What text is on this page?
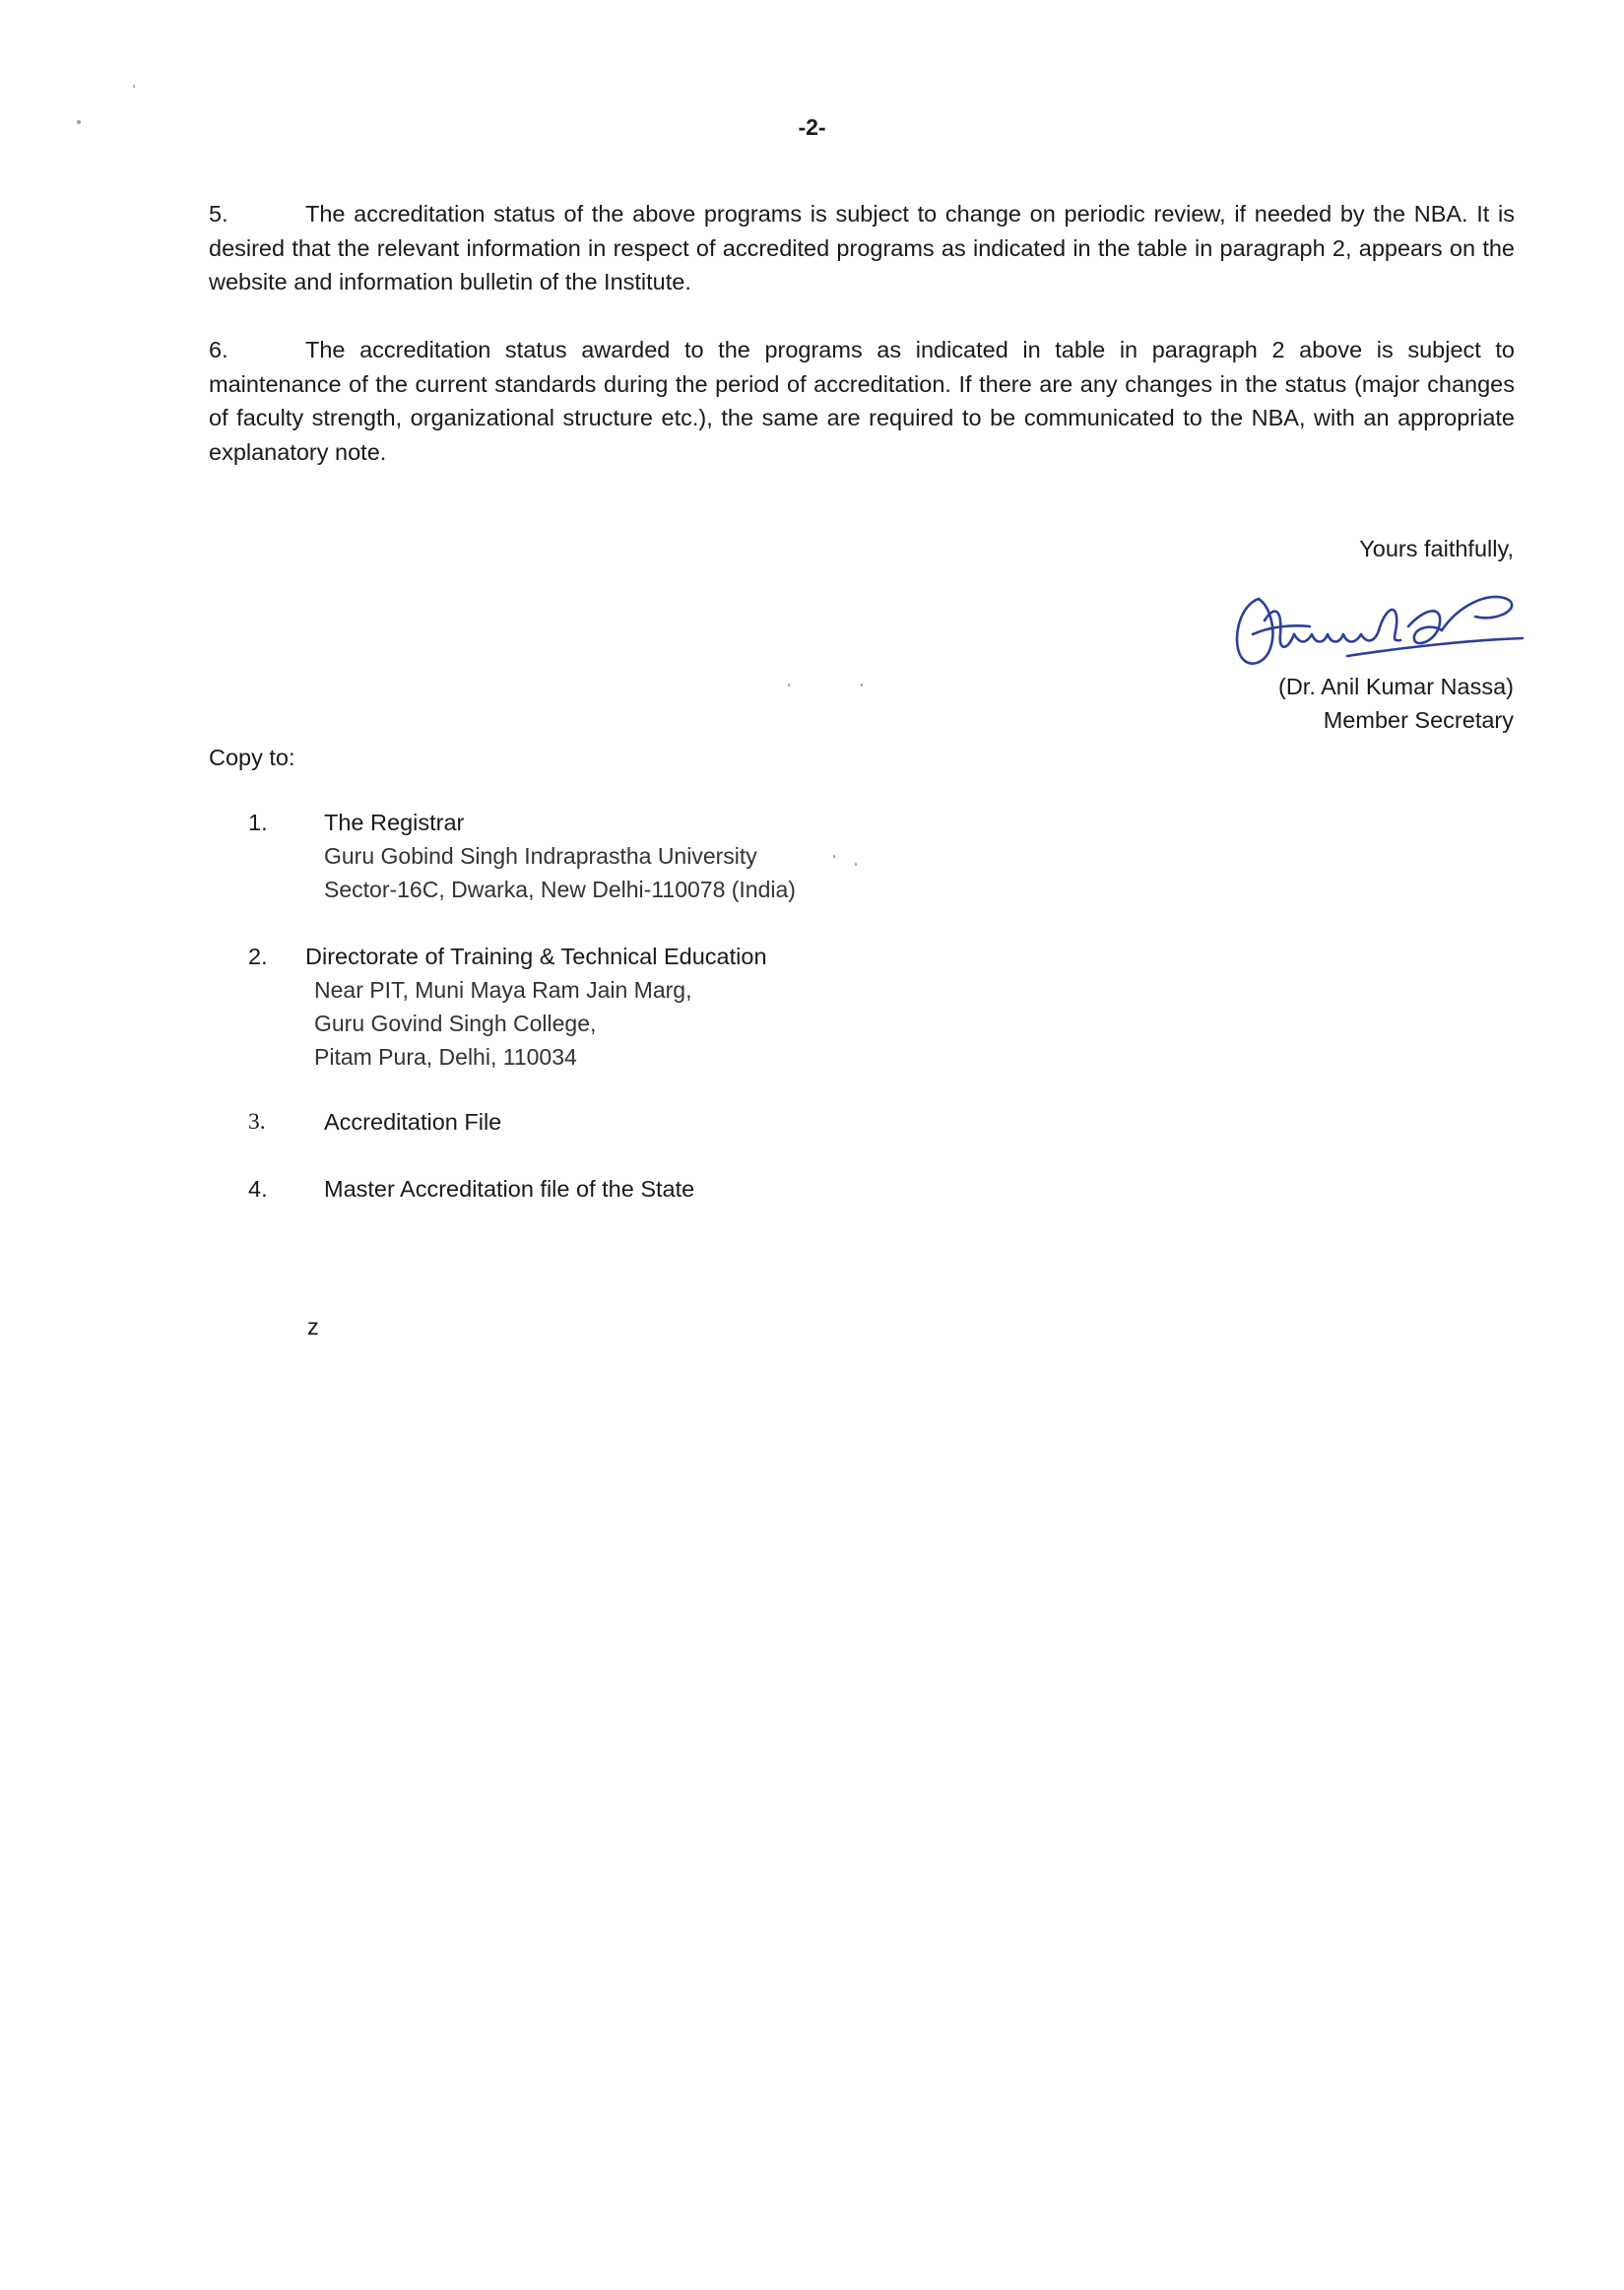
-2-

5.	The accreditation status of the above programs is subject to change on periodic review, if needed by the NBA. It is desired that the relevant information in respect of accredited programs as indicated in the table in paragraph 2, appears on the website and information bulletin of the Institute.

6.	The accreditation status awarded to the programs as indicated in table in paragraph 2 above is subject to maintenance of the current standards during the period of accreditation. If there are any changes in the status (major changes of faculty strength, organizational structure etc.), the same are required to be communicated to the NBA, with an appropriate explanatory note.

Yours faithfully,
(Dr. Anil Kumar Nassa)
Member Secretary
Copy to:
1. The Registrar
Guru Gobind Singh Indraprastha University
Sector-16C, Dwarka, New Delhi-110078 (India)
2. Directorate of Training & Technical Education
Near PIT, Muni Maya Ram Jain Marg,
Guru Govind Singh College,
Pitam Pura, Delhi, 110034
3.	Accreditation File
4. Master Accreditation file of the State
z
